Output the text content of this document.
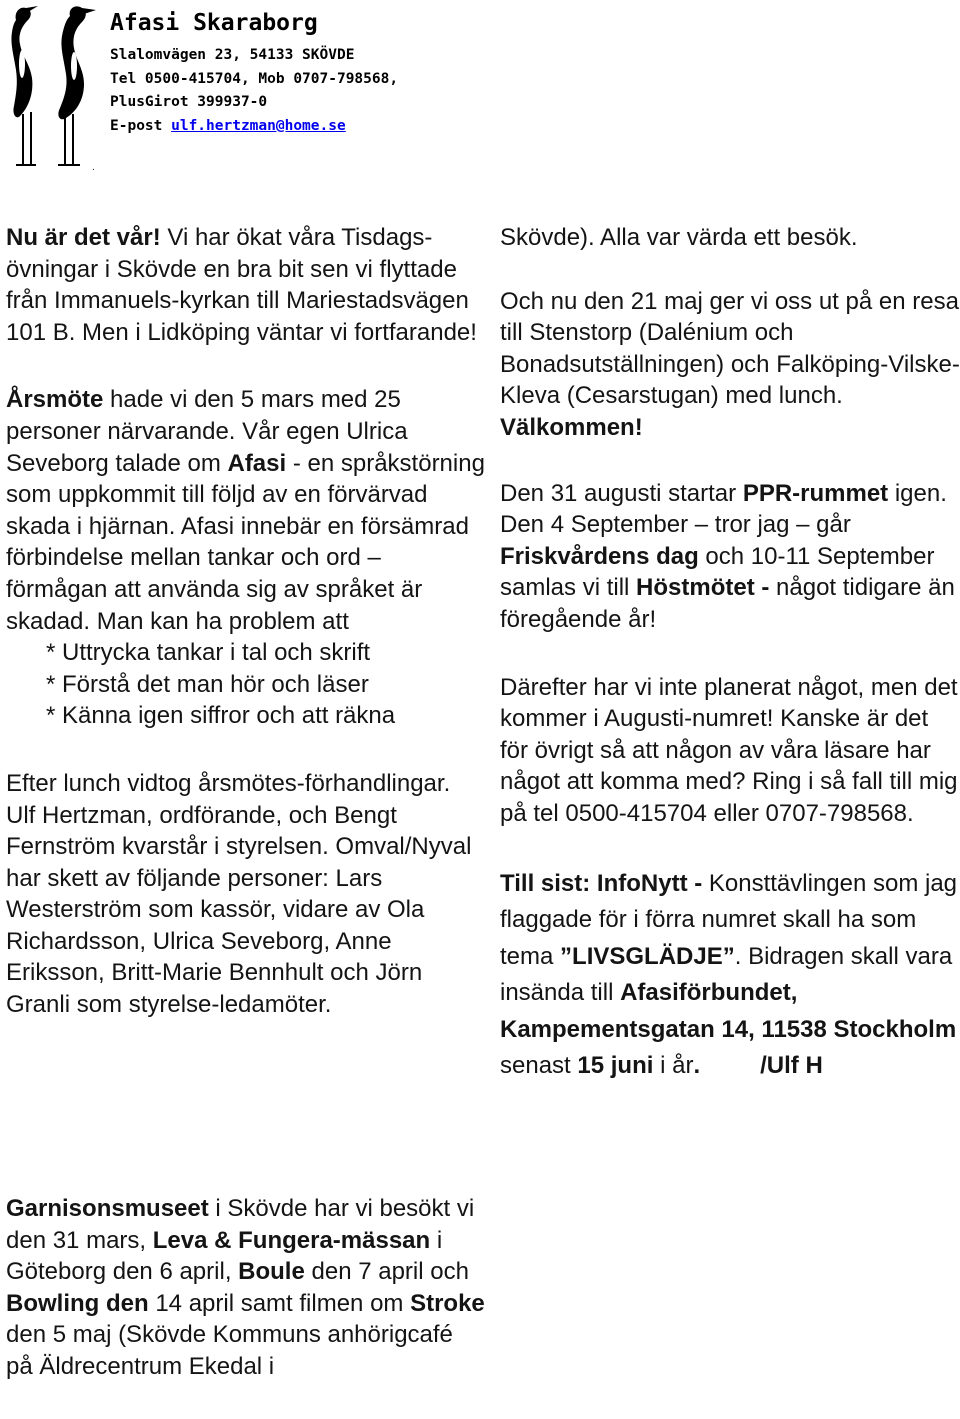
.
Afasi Skaraborg
Slalomvägen 23, 54133 SKÖVDE
Tel 0500-415704, Mob 0707-798568,
PlusGirot 399937-0
E-post ulf.hertzman@home.se

Nu är det vår! Vi har ökat våra Tisdags-övningar i Skövde en bra bit sen vi flyttade från Immanuels-kyrkan till Mariestadsvägen 101 B. Men i Lidköping väntar vi fortfarande!

Årsmöte hade vi den 5 mars med 25 personer närvarande. Vår egen Ulrica Seveborg talade om Afasi - en språkstörning som uppkommit till följd av en förvärvad skada i hjärnan. Afasi innebär en försämrad förbindelse mellan tankar och ord – förmågan att använda sig av språket är skadad. Man kan ha problem att

* Uttrycka tankar i tal och skrift

* Förstå det man hör och läser

* Känna igen siffror och att räkna

Efter lunch vidtog årsmötes-förhandlingar. Ulf Hertzman, ordförande, och Bengt Fernström kvarstår i styrelsen. Omval/Nyval har skett av följande personer: Lars Westerström som kassör, vidare av Ola Richardsson, Ulrica Seveborg, Anne Eriksson, Britt-Marie Bennhult och Jörn Granli som styrelse-ledamöter.

Garnisonsmuseet i Skövde har vi besökt vi den 31 mars, Leva & Fungera-mässan i Göteborg den 6 april, Boule den 7 april och Bowling den 14 april samt filmen om Stroke den 5 maj (Skövde Kommuns anhörigcafé på Äldrecentrum Ekedal i

Skövde). Alla var värda ett besök.

Och nu den 21 maj ger vi oss ut på en resa till Stenstorp (Dalénium och Bonadsutställningen) och Falköping-Vilske-Kleva (Cesarstugan) med lunch. Välkommen!

Den 31 augusti startar PPR-rummet igen. Den 4 September – tror jag – går Friskvårdens dag och 10-11 September samlas vi till Höstmötet - något tidigare än föregående år!

Därefter har vi inte planerat något, men det kommer i Augusti-numret! Kanske är det för övrigt så att någon av våra läsare har något att komma med? Ring i så fall till mig på tel 0500-415704 eller 0707-798568.

Till sist: InfoNytt - Konsttävlingen som jag flaggade för i förra numret skall ha som tema ”LIVSGLÄDJE”. Bidragen skall vara insända till Afasiförbundet, Kampementsgatan 14, 11538 Stockholm senast 15 juni i år.         /Ulf H
